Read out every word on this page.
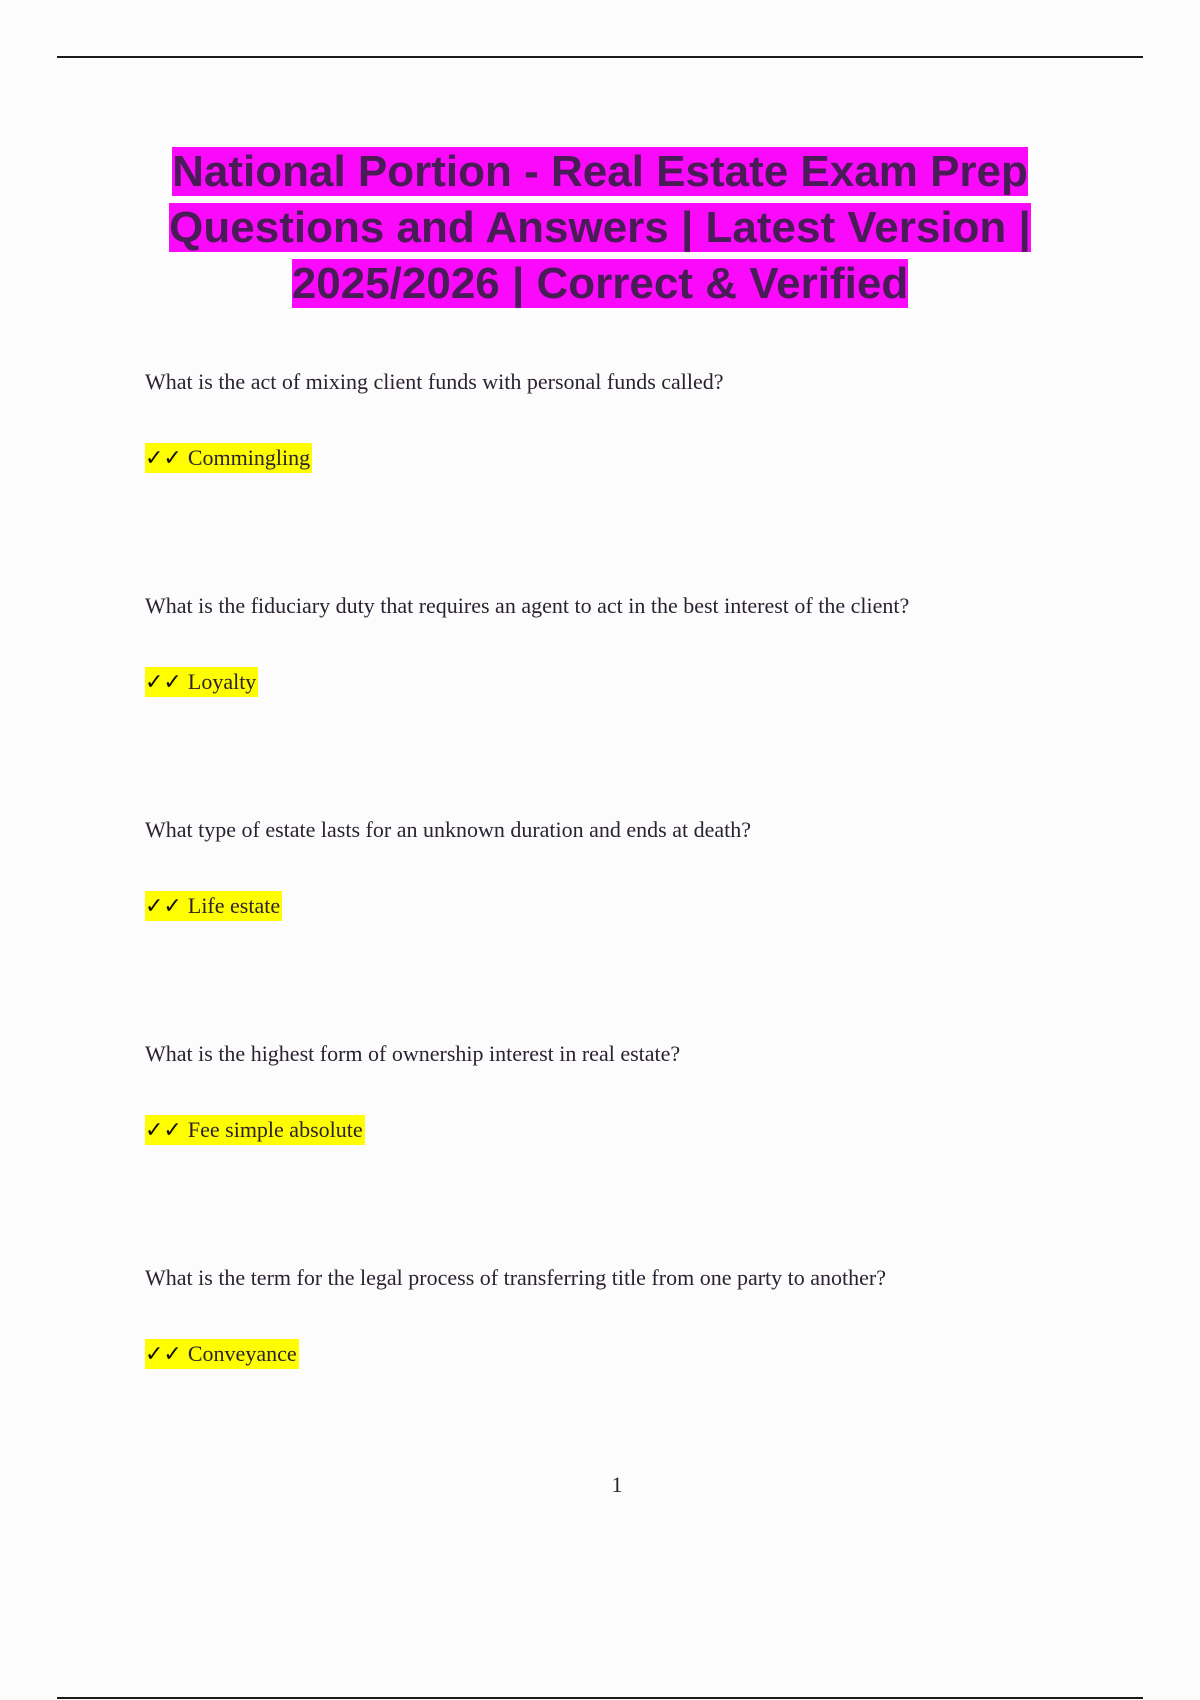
National Portion - Real Estate Exam Prep Questions and Answers | Latest Version | 2025/2026 | Correct & Verified

What is the act of mixing client funds with personal funds called?

✓✓ Commingling

What is the fiduciary duty that requires an agent to act in the best interest of the client?

✓✓ Loyalty

What type of estate lasts for an unknown duration and ends at death?

✓✓ Life estate

What is the highest form of ownership interest in real estate?

✓✓ Fee simple absolute

What is the term for the legal process of transferring title from one party to another?

✓✓ Conveyance

1
